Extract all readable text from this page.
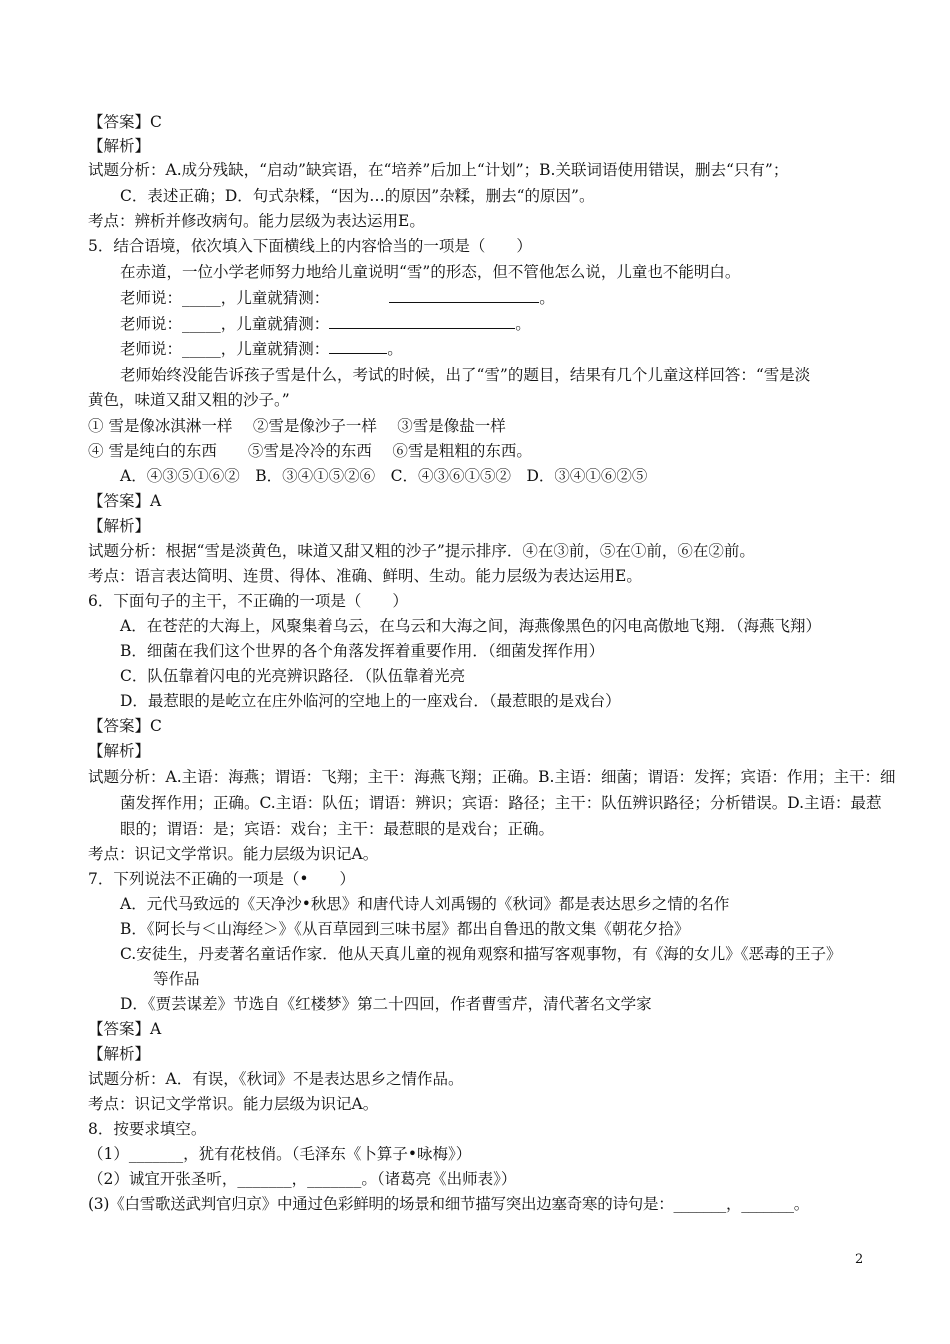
【答案】C
【解析】
试题分析：A.成分残缺，“启动”缺宾语，在“培养”后加上“计划”；B.关联词语使用错误，删去“只有”；
C．表述正确；D．句式杂糅，“因为…的原因”杂糅，删去“的原因”。
考点：辨析并修改病句。能力层级为表达运用E。
5．结合语境，依次填入下面横线上的内容恰当的一项是（　　）
在赤道，一位小学老师努力地给儿童说明“雪”的形态，但不管他怎么说，儿童也不能明白。
老师说：_____，儿童就猜测：	。
老师说：_____，儿童就猜测：	。
老师说：_____，儿童就猜测：	。
老师始终没能告诉孩子雪是什么，考试的时候，出了“雪”的题目，结果有几个儿童这样回答：“雪是淡
黄色，味道又甜又粗的沙子。”
① 雪是像冰淇淋一样　 ②雪是像沙子一样　 ③雪是像盐一样
④ 雪是纯白的东西　　⑤雪是冷冷的东西　 ⑥雪是粗粗的东西。
A．④③⑤①⑥②　B．③④①⑤②⑥　C．④③⑥①⑤②　D．③④①⑥②⑤
【答案】A
【解析】
试题分析：根据“雪是淡黄色，味道又甜又粗的沙子”提示排序．④在③前，⑤在①前，⑥在②前。
考点：语言表达简明、连贯、得体、准确、鲜明、生动。能力层级为表达运用E。
6．下面句子的主干，不正确的一项是（　　）
A．在苍茫的大海上，风聚集着乌云，在乌云和大海之间，海燕像黑色的闪电高傲地飞翔．（海燕飞翔）
B．细菌在我们这个世界的各个角落发挥着重要作用．（细菌发挥作用）
C．队伍靠着闪电的光亮辨识路径．（队伍靠着光亮
D．最惹眼的是屹立在庄外临河的空地上的一座戏台．（最惹眼的是戏台）
【答案】C
【解析】
试题分析：A.主语：海燕；谓语：飞翔；主干：海燕飞翔；正确。B.主语：细菌；谓语：发挥；宾语：作用；主干：细
菌发挥作用；正确。C.主语：队伍；谓语：辨识；宾语：路径；主干：队伍辨识路径；分析错误。D.主语：最惹
眼的；谓语：是；宾语：戏台；主干：最惹眼的是戏台；正确。
考点：识记文学常识。能力层级为识记A。
7．下列说法不正确的一项是（•　　）
A．元代马致远的《天净沙•秋思》和唐代诗人刘禹锡的《秋词》都是表达思乡之情的名作
B．《阿长与＜山海经＞》《从百草园到三味书屋》都出自鲁迅的散文集《朝花夕拾》
C.安徒生，丹麦著名童话作家．他从天真儿童的视角观察和描写客观事物，有《海的女儿》《恶毒的王子》
等作品
D．《贾芸谋差》节选自《红楼梦》第二十四回，作者曹雪芹，清代著名文学家
【答案】A
【解析】
试题分析：A．有误，《秋词》不是表达思乡之情作品。
考点：识记文学常识。能力层级为识记A。
8．按要求填空。
（1）_______，犹有花枝俏。（毛泽东《卜算子•咏梅》）
（2）诚宜开张圣听，_______，_______。（诸葛亮《出师表》）
(3)《白雪歌送武判官归京》中通过色彩鲜明的场景和细节描写突出边塞奇寒的诗句是：_______，_______。
2
